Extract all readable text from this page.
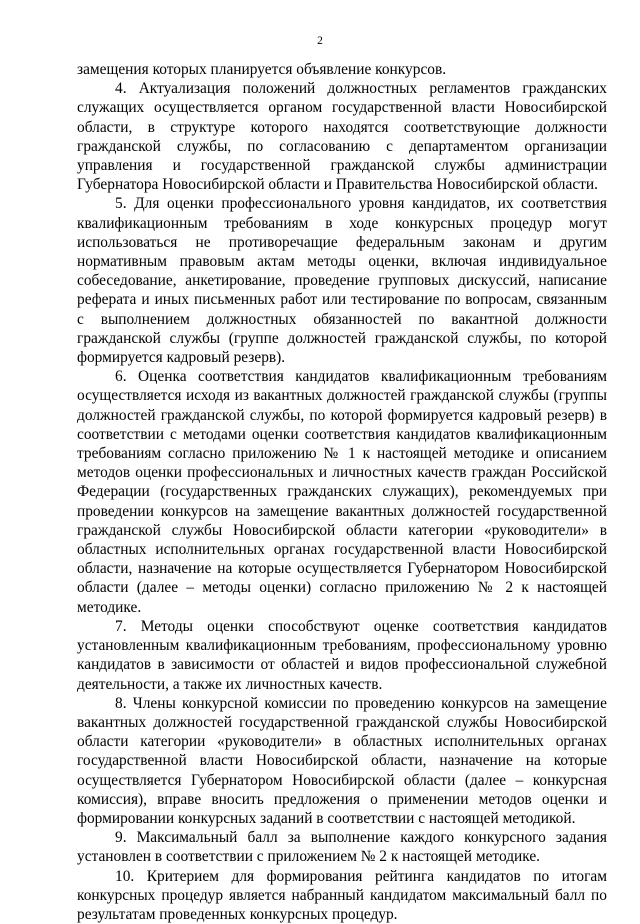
2

замещения которых планируется объявление конкурсов.

4. Актуализация положений должностных регламентов гражданских служащих осуществляется органом государственной власти Новосибирской области, в структуре которого находятся соответствующие должности гражданской службы, по согласованию с департаментом организации управления и государственной гражданской службы администрации Губернатора Новосибирской области и Правительства Новосибирской области.

5. Для оценки профессионального уровня кандидатов, их соответствия квалификационным требованиям в ходе конкурсных процедур могут использоваться не противоречащие федеральным законам и другим нормативным правовым актам методы оценки, включая индивидуальное собеседование, анкетирование, проведение групповых дискуссий, написание реферата и иных письменных работ или тестирование по вопросам, связанным с выполнением должностных обязанностей по вакантной должности гражданской службы (группе должностей гражданской службы, по которой формируется кадровый резерв).

6. Оценка соответствия кандидатов квалификационным требованиям осуществляется исходя из вакантных должностей гражданской службы (группы должностей гражданской службы, по которой формируется кадровый резерв) в соответствии с методами оценки соответствия кандидатов квалификационным требованиям согласно приложению № 1 к настоящей методике и описанием методов оценки профессиональных и личностных качеств граждан Российской Федерации (государственных гражданских служащих), рекомендуемых при проведении конкурсов на замещение вакантных должностей государственной гражданской службы Новосибирской области категории «руководители» в областных исполнительных органах государственной власти Новосибирской области, назначение на которые осуществляется Губернатором Новосибирской области (далее – методы оценки) согласно приложению № 2 к настоящей методике.

7. Методы оценки способствуют оценке соответствия кандидатов установленным квалификационным требованиям, профессиональному уровню кандидатов в зависимости от областей и видов профессиональной служебной деятельности, а также их личностных качеств.

8. Члены конкурсной комиссии по проведению конкурсов на замещение вакантных должностей государственной гражданской службы Новосибирской области категории «руководители» в областных исполнительных органах государственной власти Новосибирской области, назначение на которые осуществляется Губернатором Новосибирской области (далее – конкурсная комиссия), вправе вносить предложения о применении методов оценки и формировании конкурсных заданий в соответствии с настоящей методикой.

9. Максимальный балл за выполнение каждого конкурсного задания установлен в соответствии с приложением № 2 к настоящей методике.

10. Критерием для формирования рейтинга кандидатов по итогам конкурсных процедур является набранный кандидатом максимальный балл по результатам проведенных конкурсных процедур.
